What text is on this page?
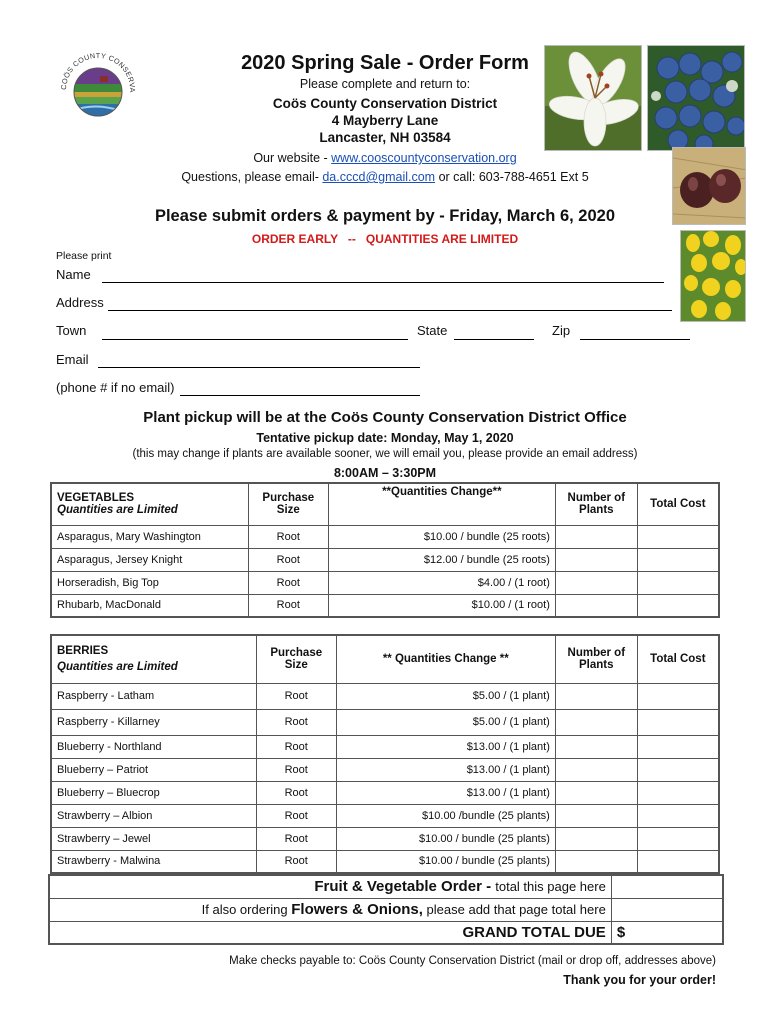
COÖS COUNTY CONSERVA
2020 Spring Sale - Order Form
Please complete and return to:
Coös County Conservation District
4 Mayberry Lane
Lancaster, NH 03584
Our website - www.cooscountyconservation.org
Questions, please email- da.cccd@gmail.com or call: 603-788-4651 Ext 5
Please submit orders & payment by - Friday, March 6, 2020
ORDER EARLY   --   QUANTITIES ARE LIMITED
Please print
Name
Address
Town	State	Zip
Email
(phone # if no email)
Plant pickup will be at the Coös County Conservation District Office
Tentative pickup date: Monday, May 1, 2020
(this may change if plants are available sooner, we will email you, please provide an email address)
8:00AM – 3:30PM
VEGETABLES
Quantities are Limited	Purchase Size	**Quantities Change**	Number of Plants	Total Cost
Asparagus, Mary Washington	Root	$10.00 / bundle (25 roots)		
Asparagus, Jersey Knight	Root	$12.00 / bundle (25 roots)		
Horseradish, Big Top	Root	$4.00 / (1 root)		
Rhubarb, MacDonald	Root	$10.00 / (1 root)		
BERRIES
Quantities are Limited	Purchase Size	** Quantities Change **	Number of Plants	Total Cost
Raspberry - Latham	Root	$5.00 / (1 plant)		
Raspberry - Killarney	Root	$5.00 / (1 plant)		
Blueberry - Northland	Root	$13.00 / (1 plant)		
Blueberry – Patriot	Root	$13.00 / (1 plant)		
Blueberry – Bluecrop	Root	$13.00 / (1 plant)		
Strawberry – Albion	Root	$10.00 /bundle (25 plants)		
Strawberry – Jewel	Root	$10.00 / bundle (25 plants)		
Strawberry - Malwina	Root	$10.00 / bundle (25 plants)		
Fruit & Vegetable Order - total this page here	
If also ordering Flowers & Onions, please add that page total here	
GRAND TOTAL DUE	$
Make checks payable to: Coös County Conservation District (mail or drop off, addresses above)
Thank you for your order!
